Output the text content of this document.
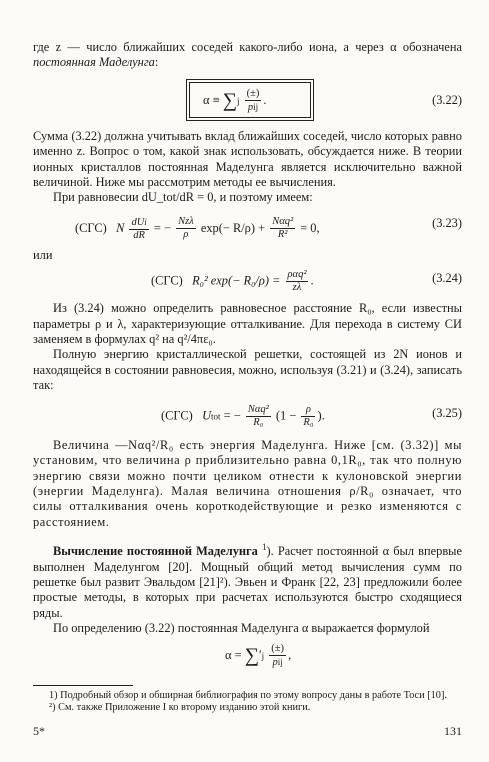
где z — число ближайших соседей какого-либо иона, а через α обозначена постоянная Маделунга:

$\alpha \equiv \sum j \frac{(\pm)}{\text{pij}}$ .	(3.22)

Сумма (3.22) должна учитывать вклад ближайших соседей, число которых равно именно z. Вопрос о том, какой знак использовать, обсуждается ниже. В теории ионных кристаллов постоянная Маделунга является исключительно важной величиной. Ниже мы рассмотрим методы ее вычисления.

При равновесии dU_tot/dR = 0, и поэтому имеем:

(СГС) N $\frac{\text{dUi}}{dR}$ = − $\frac{\text{Nzλ}}{\rho} \exp(- R/\rho) + \frac{\text{Nαq²}}{\text{R²}} = 0$,	(3.23)

или

(СГС) R₀² $\exp(- R_0/\rho) = \frac{\text{ραq²}}{z\lambda}$ .	(3.24)

Из (3.24) можно определить равновесное расстояние R₀, если известны параметры ρ и λ, характеризующие отталкивание. Для перехода в систему СИ заменяем в формулах q² на q²/4πε₀.

Полную энергию кристаллической решетки, состоящей из 2N ионов и находящейся в состоянии равновесия, можно, используя (3.21) и (3.24), записать так:

(СГС) Utot = − $\frac{\text{Nαq²}}{\text{R₀}} (1 - \frac{\rho}{\text{R₀}}$ ).	(3.25)

Величина —Nαq²/R₀ есть энергия Маделунга. Ниже [см. (3.32)] мы установим, что величина ρ приблизительно равна 0,1R₀, так что полную энергию связи можно почти целиком отнести к кулоновской энергии (энергии Маделунга). Малая величина отношения ρ/R₀ означает, что силы отталкивания очень короткодействующие и резко изменяются с расстоянием.

Вычисление постоянной Маделунга $^1$). Расчет постоянной α был впервые выполнен Маделунгом [20]. Мощный общий метод вычисления сумм по решетке был развит Эвальдом [21]²). Эвьен и Франк [22, 23] предложили более простые методы, в которых при расчетах используются быстро сходящиеся ряды.

По определению (3.22) постоянная Маделунга α выражается формулой

$\alpha = \sum'j \frac{(\pm)}{\text{pij}}$ ,

1) Подробный обзор и обширная библиография по этому вопросу даны в работе Тоси [10].

²) См. также Приложение I ко второму изданию этой книги.

5*	131
